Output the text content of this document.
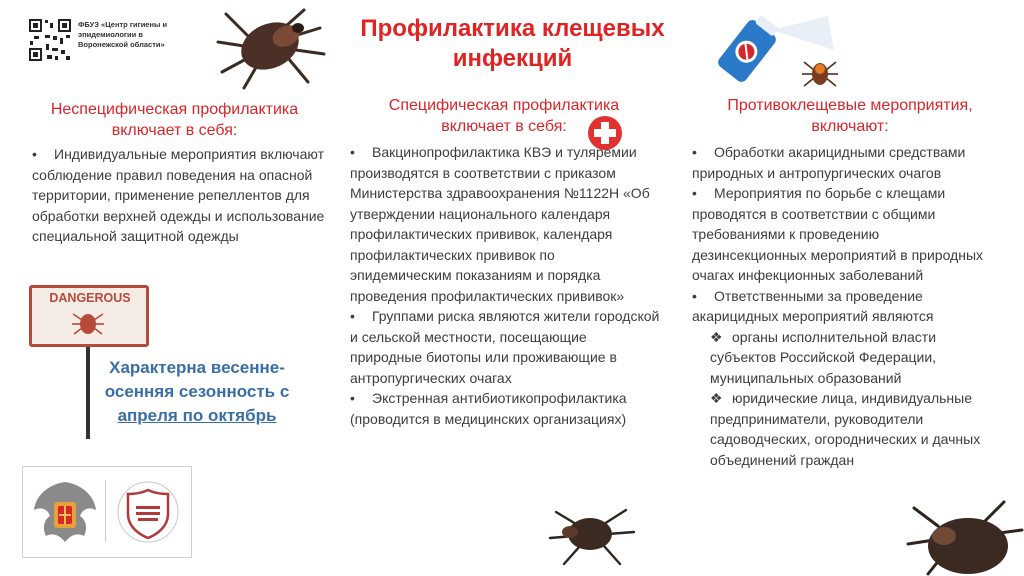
ФБУЗ «Центр гигиены и эпидемиологии в Воронежской области»
Профилактика клещевых инфекций
Неспецифическая профилактика включает в себя:
Специфическая профилактика включает в себя:
Противоклещевые мероприятия, включают:
• Индивидуальные мероприятия включают соблюдение правил поведения на опасной территории, применение репеллентов для обработки верхней одежды и использование специальной защитной одежды
• Вакцинопрофилактика КВЭ и туляремии производятся в соответствии с приказом Министерства здравоохранения №1122Н «Об утверждении национального календаря профилактических прививок, календаря профилактических прививок по эпидемическим показаниям и порядка проведения профилактических прививок»
• Группами риска являются жители городской и сельской местности, посещающие природные биотопы или проживающие в антропургических очагах
• Экстренная антибиотикопрофилактика (проводится в медицинских организациях)
• Обработки акарицидными средствами природных и антропургических очагов
• Мероприятия по борьбе с клещами проводятся в соответствии с общими требованиями к проведению дезинсекционных мероприятий в природных очагах инфекционных заболеваний
• Ответственными за проведение акарицидных мероприятий являются
❖ органы исполнительной власти субъектов Российской Федерации, муниципальных образований
❖ юридические лица, индивидуальные предприниматели, руководители садоводческих, огороднических и дачных объединений граждан
DANGEROUS
Характерна весенне-
осенняя сезонность с
апреля по октябрь
